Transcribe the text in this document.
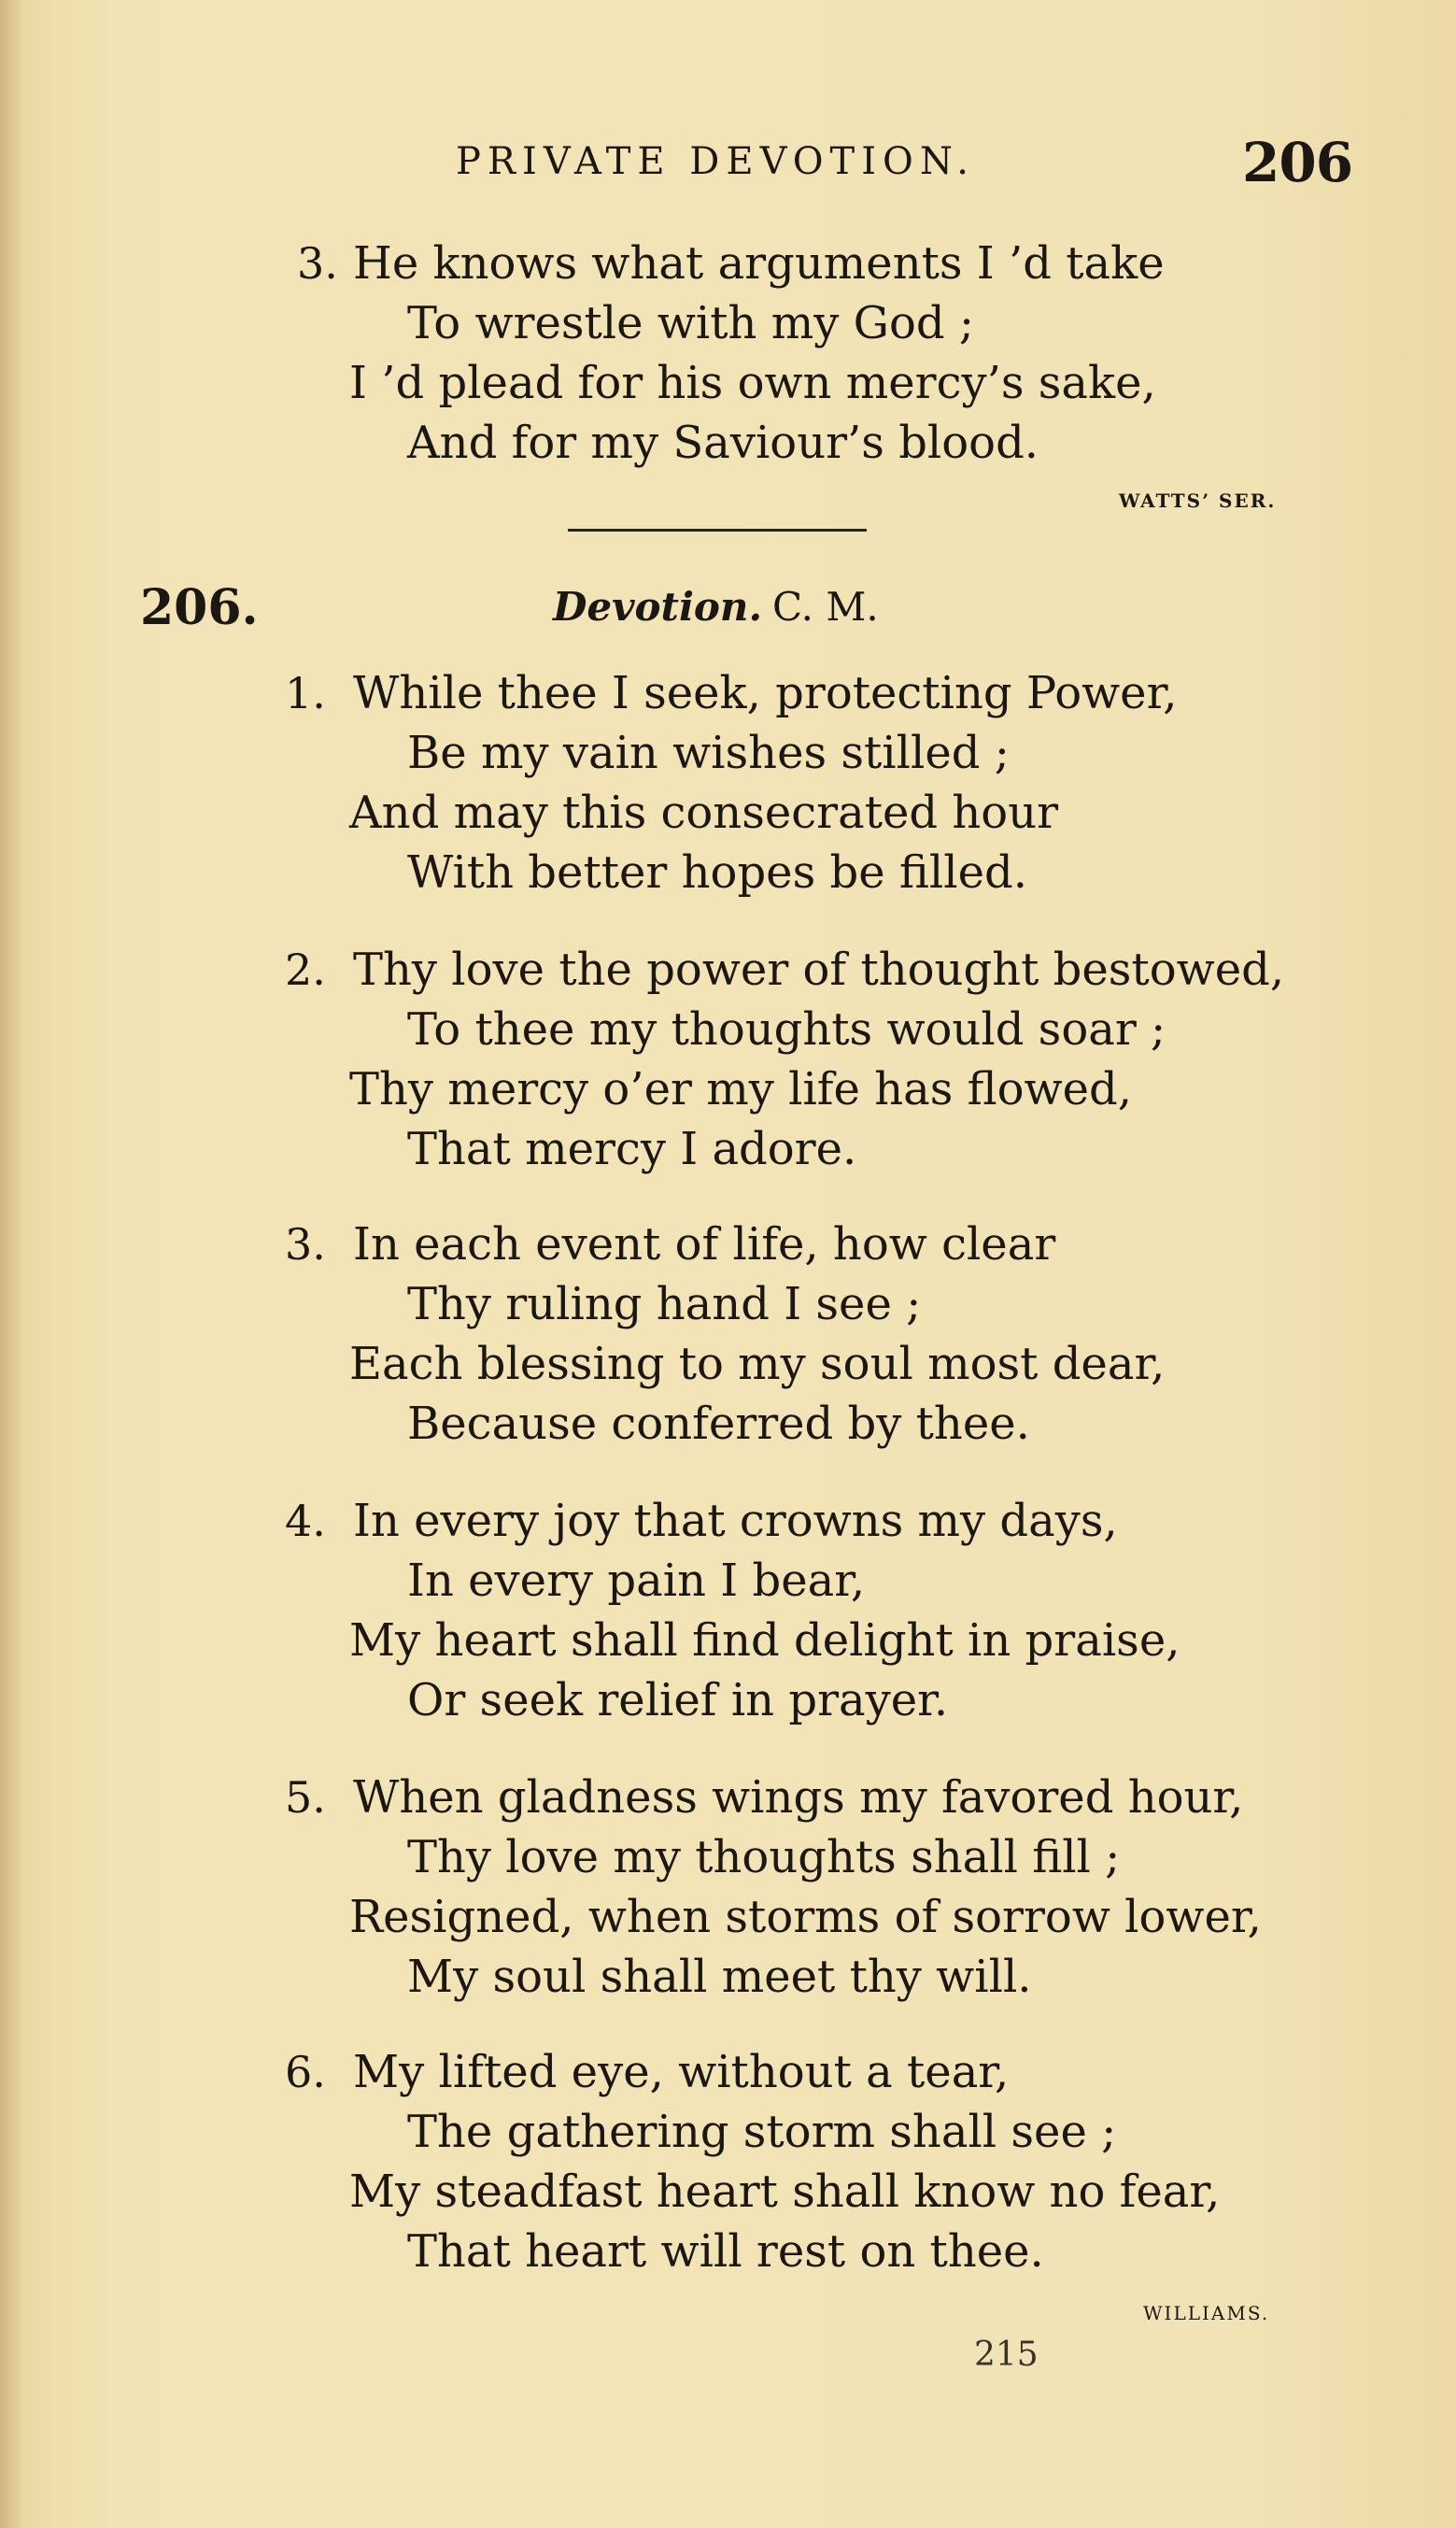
PRIVATE DEVOTION.	206
3. He knows what arguments I ’d take
To wrestle with my God ;
I ’d plead for his own mercy’s sake,
And for my Saviour’s blood.
WATTS’ SER.
206.	Devotion. C. M.
1. While thee I seek, protecting Power,
Be my vain wishes stilled ;
And may this consecrated hour
With better hopes be filled.
2. Thy love the power of thought bestowed,
To thee my thoughts would soar ;
Thy mercy o’er my life has flowed,
That mercy I adore.
3. In each event of life, how clear
Thy ruling hand I see ;
Each blessing to my soul most dear,
Because conferred by thee.
4. In every joy that crowns my days,
In every pain I bear,
My heart shall find delight in praise,
Or seek relief in prayer.
5. When gladness wings my favored hour,
Thy love my thoughts shall fill ;
Resigned, when storms of sorrow lower,
My soul shall meet thy will.
6. My lifted eye, without a tear,
The gathering storm shall see ;
My steadfast heart shall know no fear,
That heart will rest on thee.
WILLIAMS.
215
